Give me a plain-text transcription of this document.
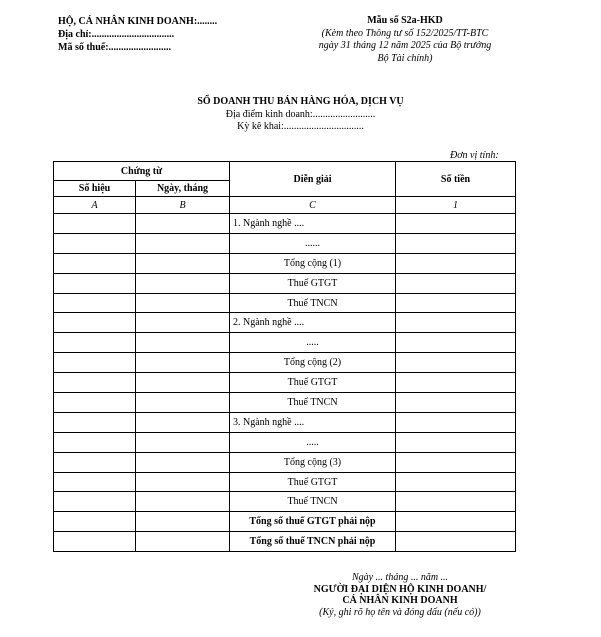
HỘ, CÁ NHÂN KINH DOANH:........
Địa chỉ:.................................
Mã số thuế:.........................
Mẫu số S2a-HKD
(Kèm theo Thông tư số 152/2025/TT-BTC
ngày 31 tháng 12 năm 2025 của Bộ trưởng
Bộ Tài chính)
SỔ DOANH THU BÁN HÀNG HÓA, DỊCH VỤ
Địa điểm kinh doanh:.........................
Kỳ kê khai:................................
Đơn vị tính:
Chứng từ		Diễn giải	Số tiền
Số hiệu	Ngày, tháng		
A	B	C	1
		1. Ngành nghề ....	
		......	
		Tổng cộng (1)	
		Thuế GTGT	
		Thuế TNCN	
		2. Ngành nghề ....	
		.....	
		Tổng cộng (2)	
		Thuế GTGT	
		Thuế TNCN	
		3. Ngành nghề ....	
		.....	
		Tổng cộng (3)	
		Thuế GTGT	
		Thuế TNCN	
		Tổng số thuế GTGT phải nộp	
		Tổng số thuế TNCN phải nộp	
Ngày ... tháng ... năm ...
NGƯỜI ĐẠI DIỆN HỘ KINH DOANH/
CÁ NHÂN KINH DOANH
(Ký, ghi rõ họ tên và đóng dấu (nếu có))
